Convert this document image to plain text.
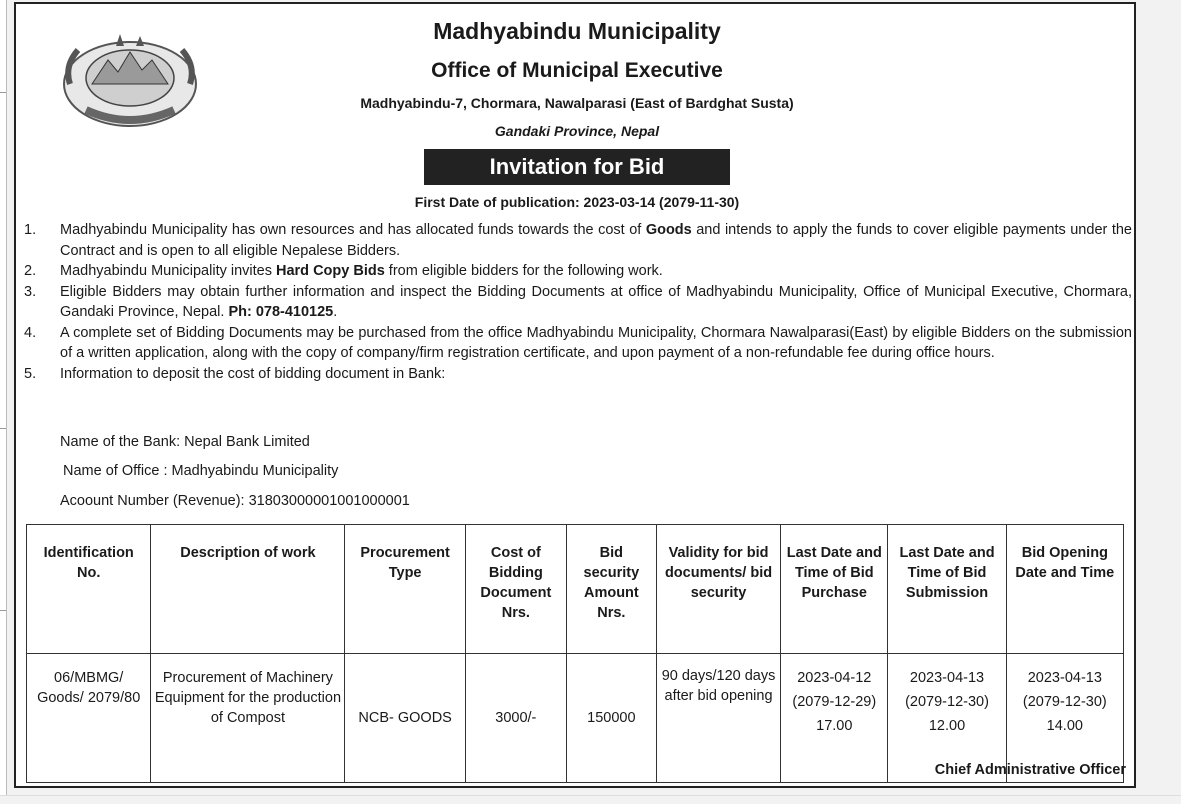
Madhyabindu Municipality
Office of Municipal Executive
Madhyabindu-7, Chormara, Nawalparasi (East of Bardghat Susta)
Gandaki Province, Nepal
Invitation for Bid
First Date of publication: 2023-03-14 (2079-11-30)
1. Madhyabindu Municipality has own resources and has allocated funds towards the cost of Goods and intends to apply the funds to cover eligible payments under the Contract and is open to all eligible Nepalese Bidders.
2. Madhyabindu Municipality invites Hard Copy Bids from eligible bidders for the following work.
3. Eligible Bidders may obtain further information and inspect the Bidding Documents at office of Madhyabindu Municipality, Office of Municipal Executive, Chormara, Gandaki Province, Nepal. Ph: 078-410125.
4. A complete set of Bidding Documents may be purchased from the office Madhyabindu Municipality, Chormara Nawalparasi(East) by eligible Bidders on the submission of a written application, along with the copy of company/firm registration certificate, and upon payment of a non-refundable fee during office hours.
5. Information to deposit the cost of bidding document in Bank:
Name of the Bank: Nepal Bank Limited
Name of Office : Madhyabindu Municipality
Acoount Number (Revenue): 31803000001001000001
Identification No.	Description of work	Procurement Type	Cost of Bidding Document Nrs.	Bid security Amount Nrs.	Validity for bid documents/ bid security	Last Date and Time of Bid Purchase	Last Date and Time of Bid Submission	Bid Opening Date and Time
06/MBMG/ Goods/ 2079/80	Procurement of Machinery Equipment for the production of Compost	NCB- GOODS	3000/-	150000	90 days/120 days after bid opening	2023-04-12 (2079-12-29) 17.00	2023-04-13 (2079-12-30) 12.00	2023-04-13 (2079-12-30) 14.00
Chief Administrative Officer
